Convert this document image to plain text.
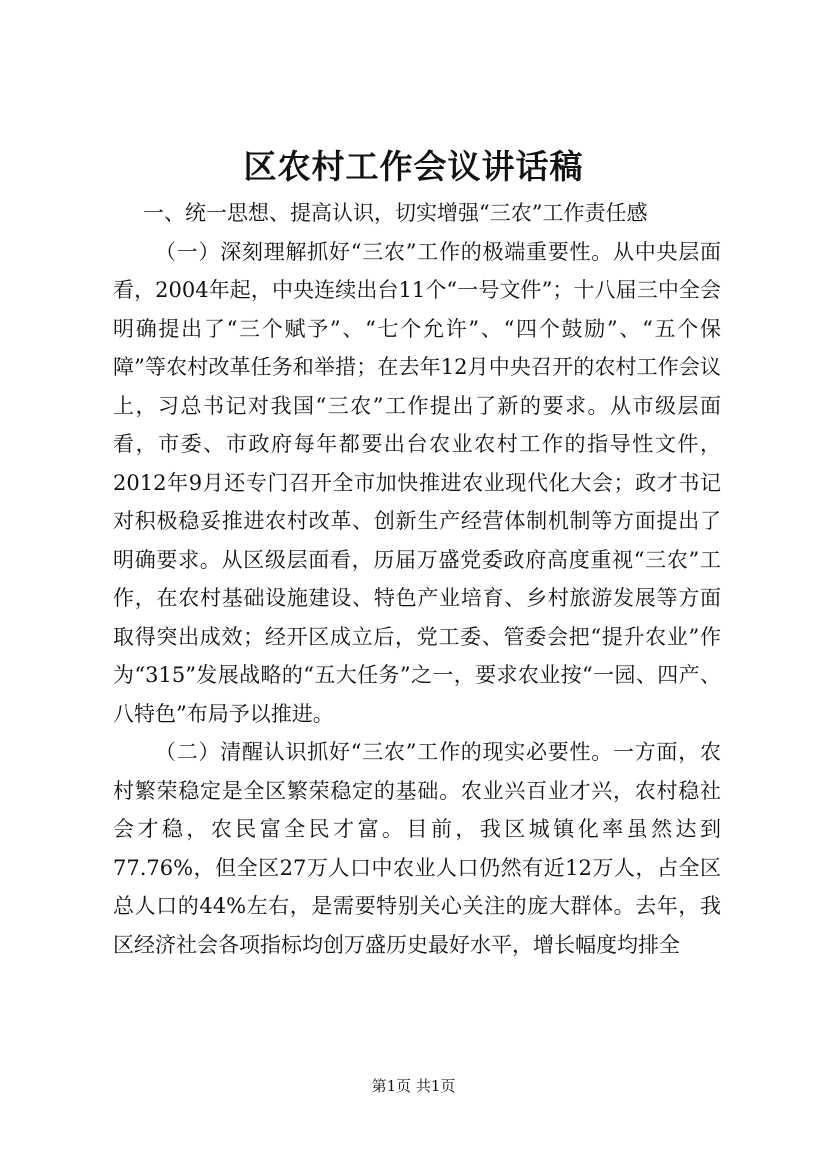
区农村工作会议讲话稿

一、统一思想、提高认识，切实增强“三农”工作责任感

（一）深刻理解抓好“三农”工作的极端重要性。从中央层面看，2004年起，中央连续出台11个“一号文件”；十八届三中全会明确提出了“三个赋予”、“七个允许”、“四个鼓励”、“五个保障”等农村改革任务和举措；在去年12月中央召开的农村工作会议上，习总书记对我国“三农”工作提出了新的要求。从市级层面看，市委、市政府每年都要出台农业农村工作的指导性文件，2012年9月还专门召开全市加快推进农业现代化大会；政才书记对积极稳妥推进农村改革、创新生产经营体制机制等方面提出了明确要求。从区级层面看，历届万盛党委政府高度重视“三农”工作，在农村基础设施建设、特色产业培育、乡村旅游发展等方面取得突出成效；经开区成立后，党工委、管委会把“提升农业”作为“315”发展战略的“五大任务”之一，要求农业按“一园、四产、八特色”布局予以推进。

（二）清醒认识抓好“三农”工作的现实必要性。一方面，农村繁荣稳定是全区繁荣稳定的基础。农业兴百业才兴，农村稳社会才稳，农民富全民才富。目前，我区城镇化率虽然达到77.76%，但全区27万人口中农业人口仍然有近12万人，占全区总人口的44%左右，是需要特别关心关注的庞大群体。去年，我区经济社会各项指标均创万盛历史最好水平，增长幅度均排全

第1页 共1页
